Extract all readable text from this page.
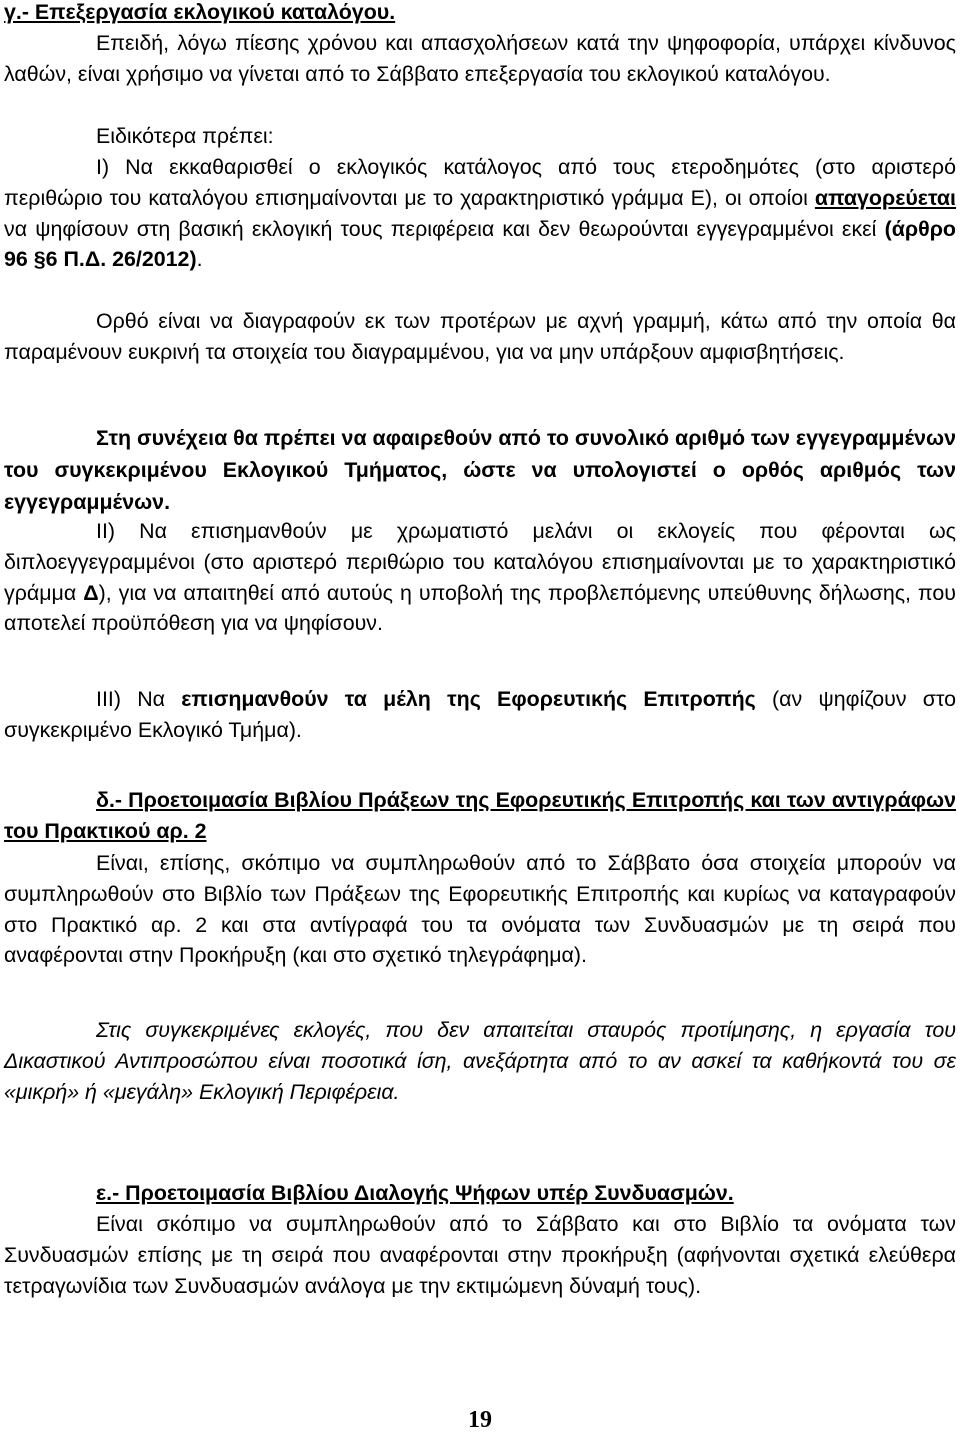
γ.- Επεξεργασία εκλογικού καταλόγου.

Επειδή, λόγω πίεσης χρόνου και απασχολήσεων κατά την ψηφοφορία, υπάρχει κίνδυνος λαθών, είναι χρήσιμο να γίνεται από το Σάββατο επεξεργασία του εκλογικού καταλόγου.

Ειδικότερα πρέπει:

Ι) Να εκκαθαρισθεί ο εκλογικός κατάλογος από τους ετεροδημότες (στο αριστερό περιθώριο του καταλόγου επισημαίνονται με το χαρακτηριστικό γράμμα Ε), οι οποίοι απαγορεύεται να ψηφίσουν στη βασική εκλογική τους περιφέρεια και δεν θεωρούνται εγγεγραμμένοι εκεί (άρθρο 96 §6 Π.Δ. 26/2012).

Ορθό είναι να διαγραφούν εκ των προτέρων με αχνή γραμμή, κάτω από την οποία θα παραμένουν ευκρινή τα στοιχεία του διαγραμμένου, για να μην υπάρξουν αμφισβητήσεις.

Στη συνέχεια θα πρέπει να αφαιρεθούν από το συνολικό αριθμό των εγγεγραμμένων του συγκεκριμένου Εκλογικού Τμήματος, ώστε να υπολογιστεί ο ορθός αριθμός των εγγεγραμμένων.

ΙΙ) Να επισημανθούν με χρωματιστό μελάνι οι εκλογείς που φέρονται ως διπλοεγγεγραμμένοι (στο αριστερό περιθώριο του καταλόγου επισημαίνονται με το χαρακτηριστικό γράμμα Δ), για να απαιτηθεί από αυτούς η υποβολή της προβλεπόμενης υπεύθυνης δήλωσης, που αποτελεί προϋπόθεση για να ψηφίσουν.

ΙΙΙ) Να επισημανθούν τα μέλη της Εφορευτικής Επιτροπής (αν ψηφίζουν στο συγκεκριμένο Εκλογικό Τμήμα).

δ.- Προετοιμασία Βιβλίου Πράξεων της Εφορευτικής Επιτροπής και των αντιγράφων του Πρακτικού αρ. 2

Είναι, επίσης, σκόπιμο να συμπληρωθούν από το Σάββατο όσα στοιχεία μπορούν να συμπληρωθούν στο Βιβλίο των Πράξεων της Εφορευτικής Επιτροπής και κυρίως να καταγραφούν στο Πρακτικό αρ. 2 και στα αντίγραφά του τα ονόματα των Συνδυασμών με τη σειρά που αναφέρονται στην Προκήρυξη (και στο σχετικό τηλεγράφημα).

Στις συγκεκριμένες εκλογές, που δεν απαιτείται σταυρός προτίμησης, η εργασία του Δικαστικού Αντιπροσώπου είναι ποσοτικά ίση, ανεξάρτητα από το αν ασκεί τα καθήκοντά του σε «μικρή» ή «μεγάλη» Εκλογική Περιφέρεια.

ε.- Προετοιμασία Βιβλίου Διαλογής Ψήφων υπέρ Συνδυασμών.

Είναι σκόπιμο να συμπληρωθούν από το Σάββατο και στο Βιβλίο τα ονόματα των Συνδυασμών επίσης με τη σειρά που αναφέρονται στην προκήρυξη (αφήνονται σχετικά ελεύθερα τετραγωνίδια των Συνδυασμών ανάλογα με την εκτιμώμενη δύναμή τους).

19
